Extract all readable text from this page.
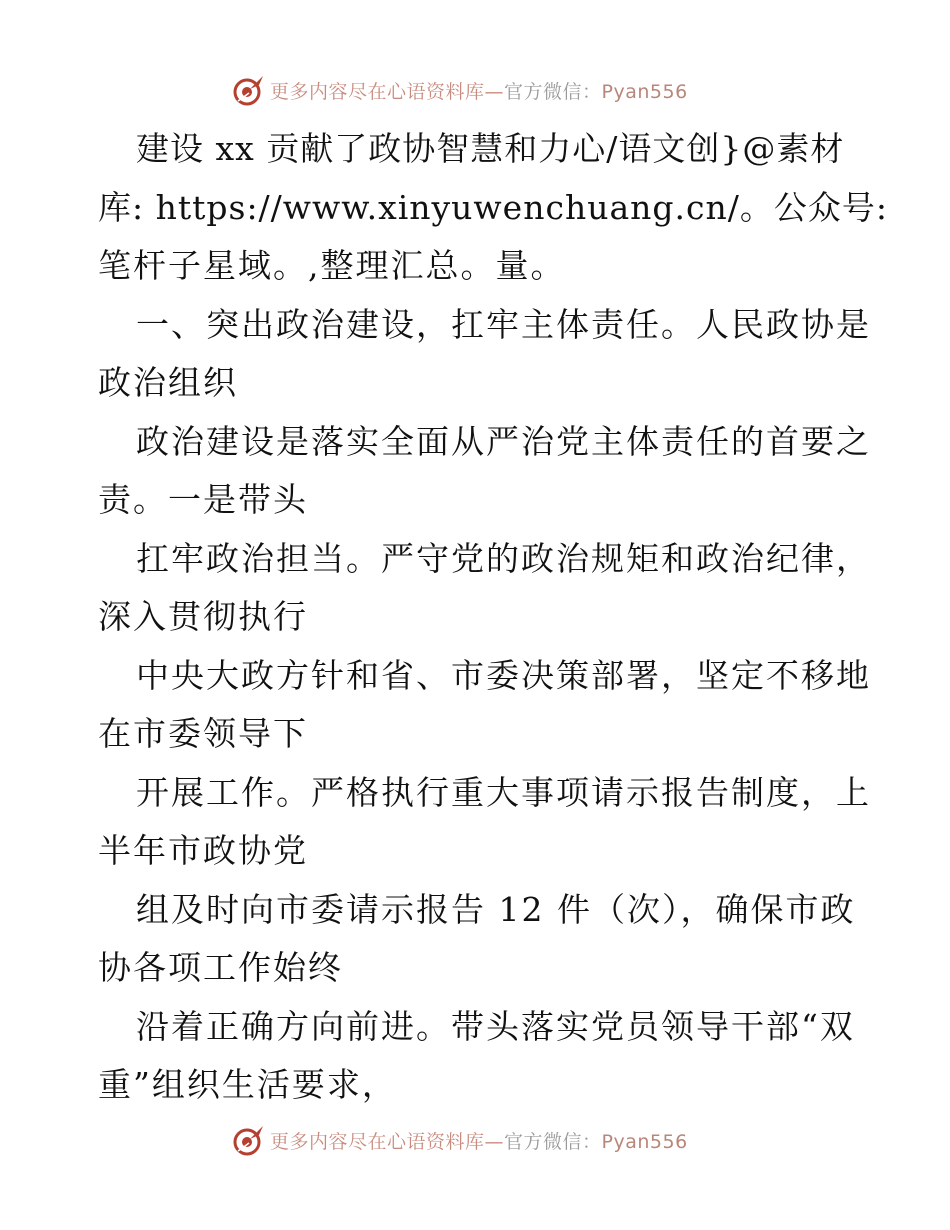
更多内容尽在心语资料库—官方微信：Pyan556
建设 xx 贡献了政协智慧和力心/语文创}@素材
库: https://www.xinyuwenchuang.cn/。公众号:
笔杆子星域。,整理汇总。量。
一、突出政治建设，扛牢主体责任。人民政协是
政治组织
政治建设是落实全面从严治党主体责任的首要之
责。一是带头
扛牢政治担当。严守党的政治规矩和政治纪律，
深入贯彻执行
中央大政方针和省、市委决策部署，坚定不移地
在市委领导下
开展工作。严格执行重大事项请示报告制度，上
半年市政协党
组及时向市委请示报告 12 件（次），确保市政
协各项工作始终
沿着正确方向前进。带头落实党员领导干部“双
重”组织生活要求，
更多内容尽在心语资料库—官方微信：Pyan556
